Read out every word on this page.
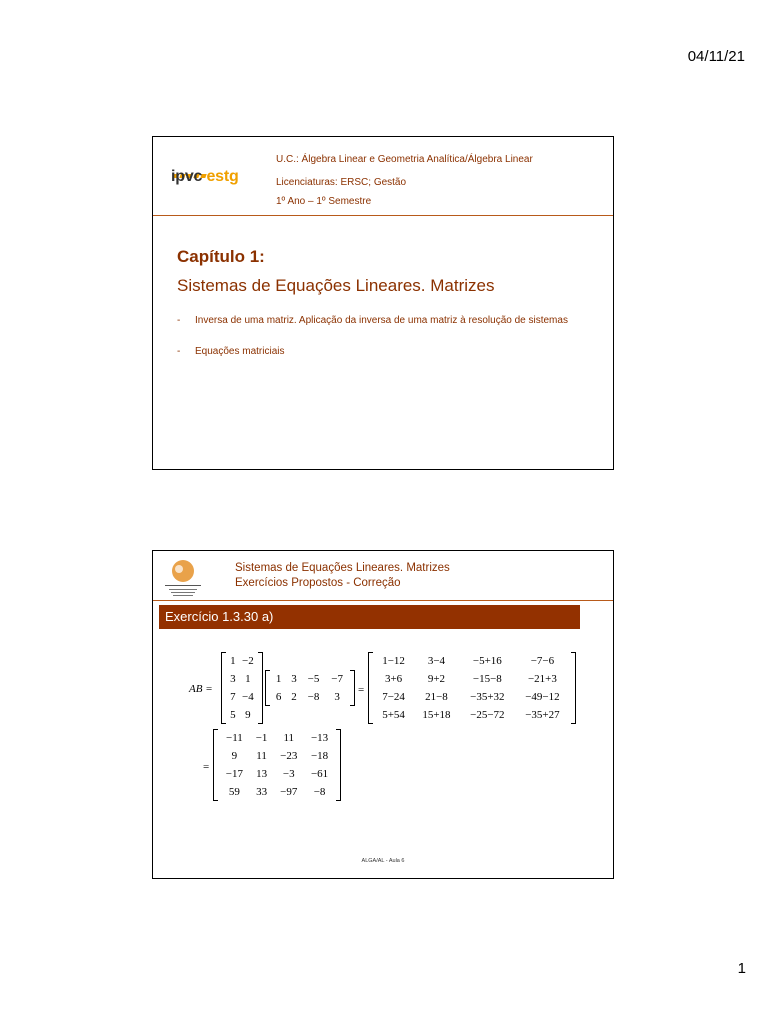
04/11/21
ipvc estg
U.C.: Álgebra Linear e Geometria Analítica/Álgebra Linear
Licenciaturas: ERSC; Gestão
1º Ano – 1º Semestre
Capítulo 1:
Sistemas de Equações Lineares. Matrizes
- Inversa de uma matriz. Aplicação da inversa de uma matriz à resolução de sistemas
- Equações matriciais
Sistemas de Equações Lineares. Matrizes
Exercícios Propostos - Correção
Exercício 1.3.30 a)
AB =
1	−2
3	1
7	−4
5	9
1	3	−5	−7
6	2	−8	3
=
1−12	3−4	−5+16	−7−6
3+6	9+2	−15−8	−21+3
7−24	21−8	−35+32	−49−12
5+54	15+18	−25−72	−35+27
=
−11	−1	11	−13
9	11	−23	−18
−17	13	−3	−61
59	33	−97	−8
ALGA/AL - Aula 6
1
